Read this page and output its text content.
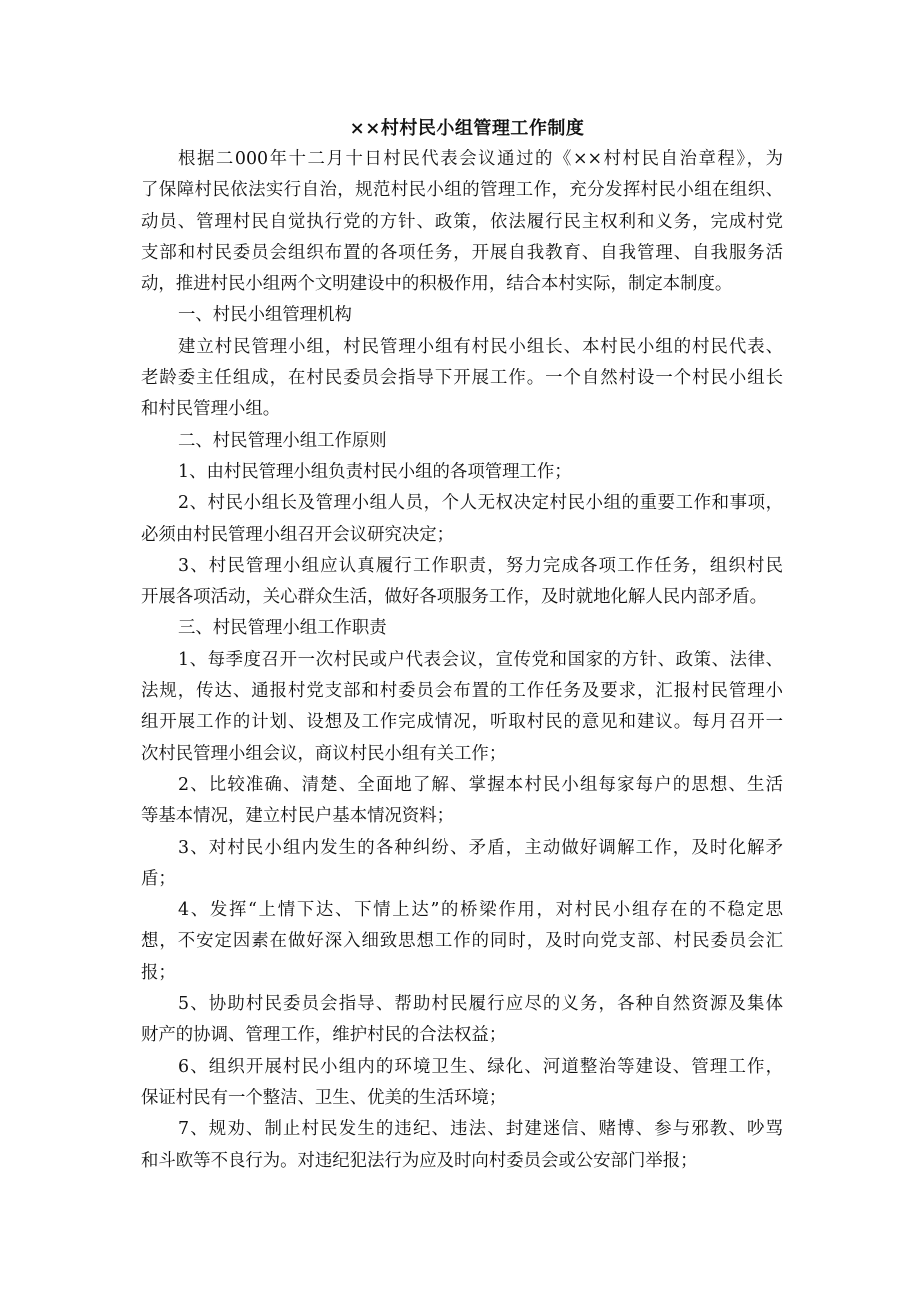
××村村民小组管理工作制度
根据二000年十二月十日村民代表会议通过的《××村村民自治章程》，为
了保障村民依法实行自治，规范村民小组的管理工作，充分发挥村民小组在组织、
动员、管理村民自觉执行党的方针、政策，依法履行民主权利和义务，完成村党
支部和村民委员会组织布置的各项任务，开展自我教育、自我管理、自我服务活
动，推进村民小组两个文明建设中的积极作用，结合本村实际，制定本制度。
一、村民小组管理机构
建立村民管理小组，村民管理小组有村民小组长、本村民小组的村民代表、
老龄委主任组成，在村民委员会指导下开展工作。一个自然村设一个村民小组长
和村民管理小组。
二、村民管理小组工作原则
1、由村民管理小组负责村民小组的各项管理工作；
2、村民小组长及管理小组人员，个人无权决定村民小组的重要工作和事项，
必须由村民管理小组召开会议研究决定；
3、村民管理小组应认真履行工作职责，努力完成各项工作任务，组织村民
开展各项活动，关心群众生活，做好各项服务工作，及时就地化解人民内部矛盾。
三、村民管理小组工作职责
1、每季度召开一次村民或户代表会议，宣传党和国家的方针、政策、法律、
法规，传达、通报村党支部和村委员会布置的工作任务及要求，汇报村民管理小
组开展工作的计划、设想及工作完成情况，听取村民的意见和建议。每月召开一
次村民管理小组会议，商议村民小组有关工作；
2、比较准确、清楚、全面地了解、掌握本村民小组每家每户的思想、生活
等基本情况，建立村民户基本情况资料；
3、对村民小组内发生的各种纠纷、矛盾，主动做好调解工作，及时化解矛
盾；
4、发挥“上情下达、下情上达”的桥梁作用，对村民小组存在的不稳定思
想，不安定因素在做好深入细致思想工作的同时，及时向党支部、村民委员会汇
报；
5、协助村民委员会指导、帮助村民履行应尽的义务，各种自然资源及集体
财产的协调、管理工作，维护村民的合法权益；
6、组织开展村民小组内的环境卫生、绿化、河道整治等建设、管理工作，
保证村民有一个整洁、卫生、优美的生活环境；
7、规劝、制止村民发生的违纪、违法、封建迷信、赌博、参与邪教、吵骂
和斗欧等不良行为。对违纪犯法行为应及时向村委员会或公安部门举报；
